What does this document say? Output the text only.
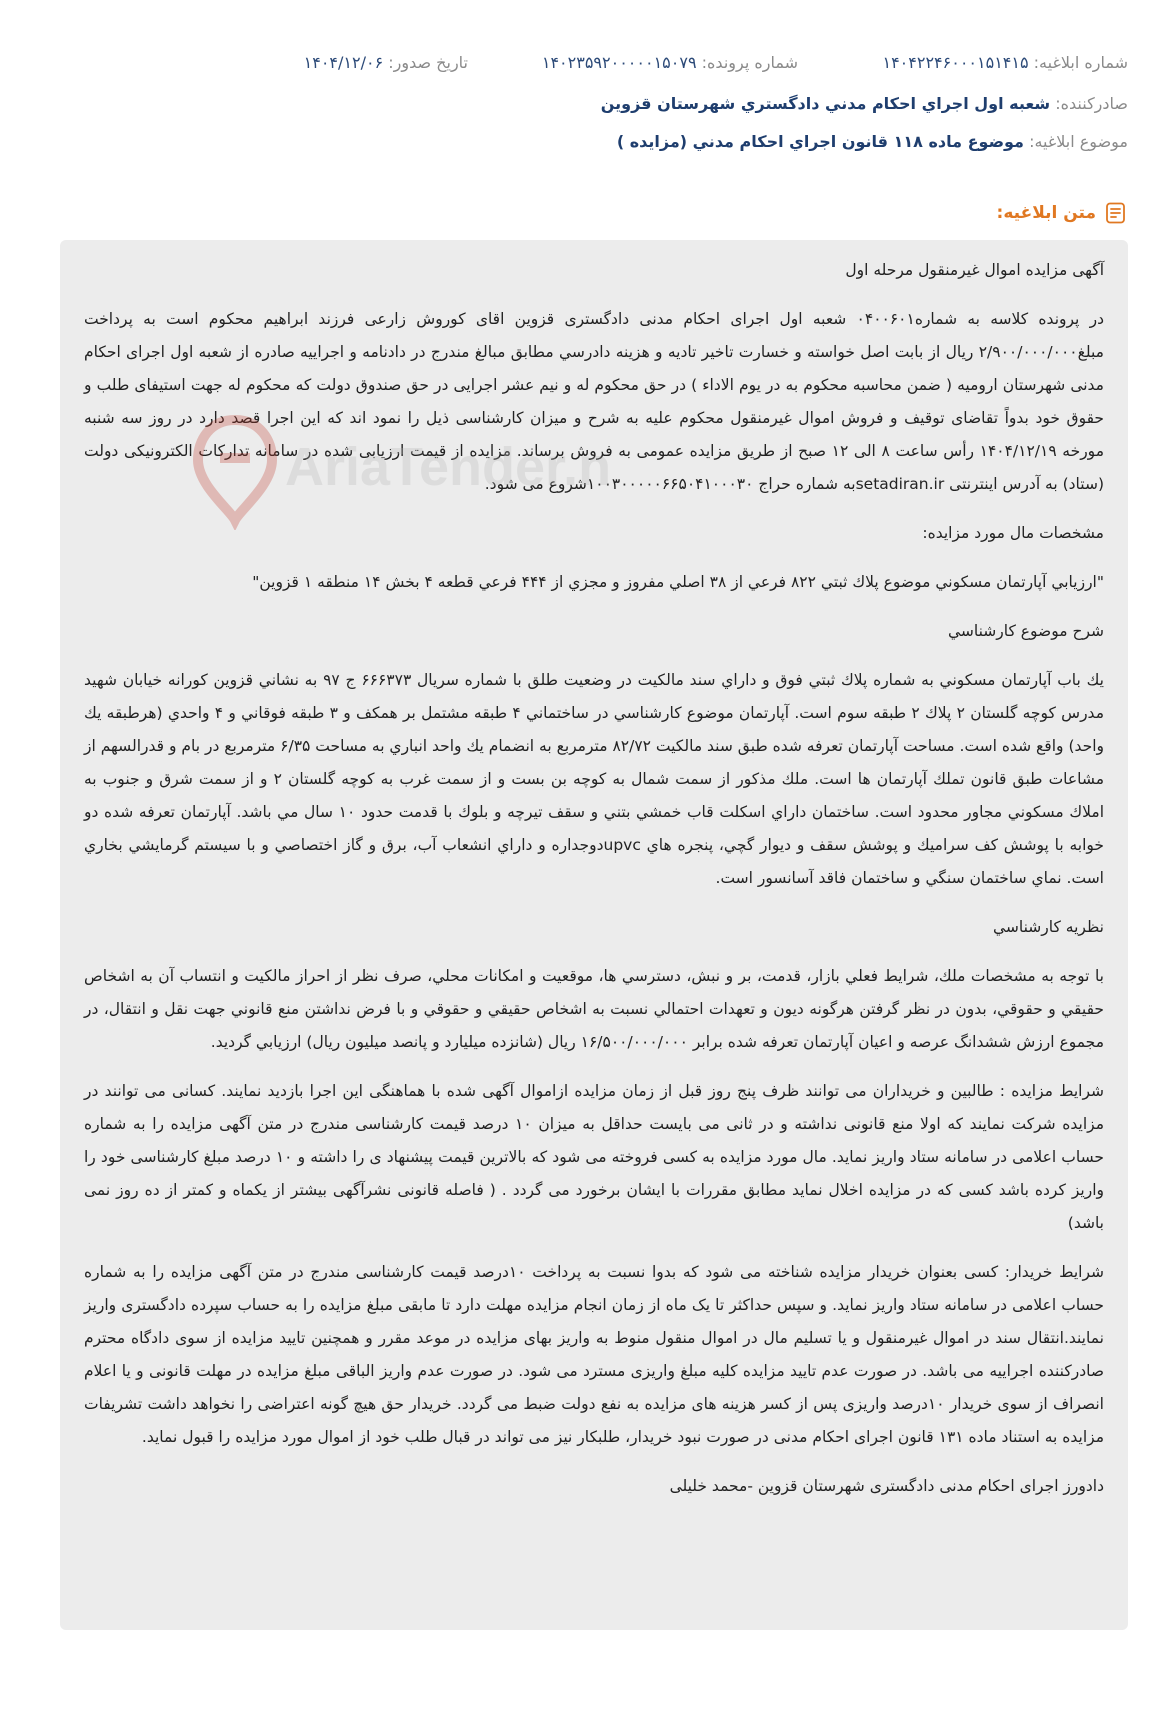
شماره ابلاغیه: ۱۴۰۴۲۲۴۶۰۰۰۱۵۱۴۱۵
شماره پرونده: ۱۴۰۲۳۵۹۲۰۰۰۰۰۱۵۰۷۹
تاریخ صدور: ۱۴۰۴/۱۲/۰۶
صادرکننده: شعبه اول اجراي احكام مدني دادگستري شهرستان قزوين
موضوع ابلاغیه: موضوع ماده ۱۱۸ قانون اجراي احكام مدني (مزايده )
متن ابلاغیه:

آگهی مزایده اموال غیرمنقول مرحله اول

در پرونده کلاسه به شماره۰۴۰۰۶۰۱ شعبه اول اجرای احکام مدنی دادگستری قزوین اقای کوروش زارعی فرزند ابراهیم محکوم است به پرداخت مبلغ۲/۹۰۰/۰۰۰/۰۰۰ ریال از بابت اصل خواسته و خسارت تاخیر تادیه و هزینه دادرسي مطابق مبالغ مندرج در دادنامه و اجراییه صادره از شعبه اول اجرای احکام مدنی شهرستان ارومیه ( ضمن محاسبه محکوم به در یوم الاداء ) در حق محکوم له و نیم عشر اجرایی در حق صندوق دولت که محکوم له جهت استیفای طلب و حقوق خود بدواً تقاضای توقیف و فروش اموال غیرمنقول محکوم علیه به شرح و میزان کارشناسی ذیل را نمود اند که این اجرا قصد دارد در روز سه شنبه مورخه ۱۴۰۴/۱۲/۱۹ رأس ساعت ۸ الی ۱۲ صبح از طریق مزایده عمومی به فروش برساند. مزایده از قیمت ارزیابی شده در سامانه تدارکات الکترونیکی دولت (ستاد) به آدرس اینترنتی setadiran.irبه شماره حراج ۱۰۰۳۰۰۰۰۰۶۶۵۰۴۱۰۰۰۳۰شروع می شود.

مشخصات مال مورد مزایده:

"ارزيابي آپارتمان مسكوني موضوع پلاك ثبتي ۸۲۲ فرعي از ۳۸ اصلي مفروز و مجزي از ۴۴۴ فرعي قطعه ۴ بخش ۱۴ منطقه ۱ قزوين"

شرح موضوع كارشناسي

يك باب آپارتمان مسكوني به شماره پلاك ثبتي فوق و داراي سند مالكيت در وضعيت طلق با شماره سريال ۶۶۶۳۷۳ ج ۹۷ به نشاني قزوين كورانه خيابان شهيد مدرس كوچه گلستان ۲ پلاك ۲ طبقه سوم است. آپارتمان موضوع كارشناسي در ساختماني ۴ طبقه مشتمل بر همكف و ۳ طبقه فوقاني و ۴ واحدي (هرطبقه يك واحد) واقع شده است. مساحت آپارتمان تعرفه شده طبق سند مالكيت ۸۲/۷۲ مترمربع به انضمام يك واحد انباري به مساحت ۶/۳۵ مترمربع در بام و قدرالسهم از مشاعات طبق قانون تملك آپارتمان ها است. ملك مذكور از سمت شمال به كوچه بن بست و از سمت غرب به كوچه گلستان ۲ و از سمت شرق و جنوب به املاك مسكوني مجاور محدود است. ساختمان داراي اسكلت قاب خمشي بتني و سقف تيرچه و بلوك با قدمت حدود ۱۰ سال مي باشد. آپارتمان تعرفه شده دو خوابه با پوشش كف سراميك و پوشش سقف و ديوار گچي، پنجره هاي upvcدوجداره و داراي انشعاب آب، برق و گاز اختصاصي و با سيستم گرمايشي بخاري است. نماي ساختمان سنگي و ساختمان فاقد آسانسور است.

نظريه كارشناسي

با توجه به مشخصات ملك، شرايط فعلي بازار، قدمت، بر و نبش، دسترسي ها، موقعيت و امكانات محلي، صرف نظر از احراز مالكيت و انتساب آن به اشخاص حقيقي و حقوقي، بدون در نظر گرفتن هرگونه ديون و تعهدات احتمالي نسبت به اشخاص حقيقي و حقوقي و با فرض نداشتن منع قانوني جهت نقل و انتقال، در مجموع ارزش ششدانگ عرصه و اعيان آپارتمان تعرفه شده برابر ۱۶/۵۰۰/۰۰۰/۰۰۰ ريال (شانزده ميليارد و پانصد ميليون ريال) ارزيابي گرديد.

شرایط مزایده : طالبین و خریداران می توانند ظرف پنج روز قبل از زمان مزایده ازاموال آگهی شده با هماهنگی این اجرا بازدید نمایند. کسانی می توانند در مزایده شرکت نمایند که اولا منع قانونی نداشته و در ثانی می بایست حداقل به میزان ۱۰ درصد قیمت کارشناسی مندرج در متن آگهی مزایده را به شماره حساب اعلامی در سامانه ستاد واریز نماید. مال مورد مزایده به کسی فروخته می شود که بالاترین قیمت پیشنهاد ی را داشته و ۱۰ درصد مبلغ کارشناسی خود را واریز کرده باشد کسی که در مزایده اخلال نماید مطابق مقررات با ایشان برخورد می گردد . ( فاصله قانونی نشرآگهی بیشتر از یکماه و کمتر از ده روز نمی باشد)

شرایط خریدار: کسی بعنوان خریدار مزایده شناخته می شود که بدوا نسبت به پرداخت ۱۰درصد قیمت کارشناسی مندرج در متن آگهی مزایده را به شماره حساب اعلامی در سامانه ستاد واریز نماید. و سپس حداکثر تا یک ماه از زمان انجام مزایده مهلت دارد تا مابقی مبلغ مزایده را به حساب سپرده دادگستری واریز نمایند.انتقال سند در اموال غیرمنقول و یا تسلیم مال در اموال منقول منوط به واریز بهای مزایده در موعد مقرر و همچنین تایید مزایده از سوی دادگاه محترم صادرکننده اجراییه می باشد. در صورت عدم تایید مزایده کلیه مبلغ واریزی مسترد می شود. در صورت عدم واریز الباقی مبلغ مزایده در مهلت قانونی و یا اعلام انصراف از سوی خریدار ۱۰درصد واریزی پس از کسر هزینه های مزایده به نفع دولت ضبط می گردد. خریدار حق هیچ گونه اعتراضی را نخواهد داشت تشریفات مزایده به استناد ماده ۱۳۱ قانون اجرای احکام مدنی در صورت نبود خریدار، طلبکار نیز می تواند در قبال طلب خود از اموال مورد مزایده را قبول نماید.

دادورز اجرای احکام مدنی دادگستری شهرستان قزوین -محمد خلیلی

AriaTender.n
